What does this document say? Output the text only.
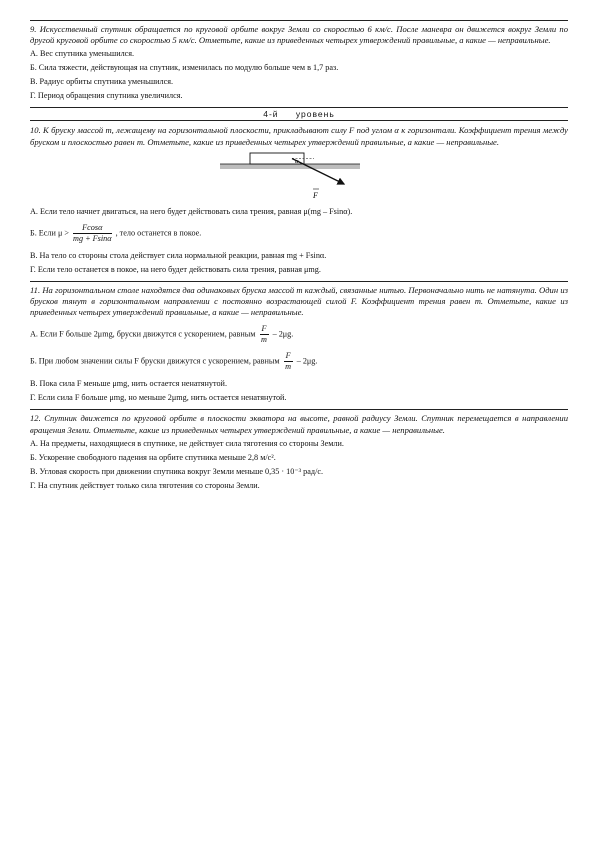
9. Искусственный спутник обращается по круговой орбите вокруг Земли со скоростью 6 км/с. После маневра он движется вокруг Земли по другой круговой орбите со скоростью 5 км/с. Отметьте, какие из приведенных четырех утверждений правильные, а какие — неправильные.
А. Вес спутника уменьшился.
Б. Сила тяжести, действующая на спутник, изменилась по модулю больше чем в 1,7 раз.
В. Радиус орбиты спутника уменьшился.
Г. Период обращения спутника увеличился.
4-й уровень
10. К бруску массой m, лежащему на горизонтальной плоскости, прикладывают силу F под углом α к горизонтали. Коэффициент трения между бруском и плоскостью равен m. Отметьте, какие из приведенных четырех утверждений правильные, а какие — неправильные.
α
F
А. Если тело начнет двигаться, на него будет действовать сила трения, равная μ(mg – Fsinα).
Б. Если $\mu > \frac{Fcos\alpha}{mg + Fsin\alpha}$ , тело останется в покое.
В. На тело со стороны стола действует сила нормальной реакции, равная mg + Fsinα.
Г. Если тело останется в покое, на него будет действовать сила трения, равная μmg.
11. На горизонтальном столе находятся два одинаковых бруска массой m каждый, связанные нитью. Первоначально нить не натянута. Один из брусков тянут в горизонтальном направлении с постоянно возрастающей силой F. Коэффициент трения равен m. Отметьте, какие из приведенных четырех утверждений правильные, а какие — неправильные.
А. Если F больше 2μmg, бруски движутся с ускорением, равным $\frac{F}{m} - 2\mu g$.
Б. При любом значении силы F бруски движутся с ускорением, равным $\frac{F}{m} - 2\mu g$.
В. Пока сила F меньше μmg, нить остается ненатянутой.
Г. Если сила F больше μmg, но меньше 2μmg, нить остается ненатянутой.
12. Спутник движется по круговой орбите в плоскости экватора на высоте, равной радиусу Земли. Спутник перемещается в направлении вращения Земли. Отметьте, какие из приведенных четырех утверждений правильные, а какие — неправильные.
А. На предметы, находящиеся в спутнике, не действует сила тяготения со стороны Земли.
Б. Ускорение свободного падения на орбите спутника меньше 2,8 м/с².
В. Угловая скорость при движении спутника вокруг Земли меньше 0,35 · 10⁻³ рад/с.
Г. На спутник действует только сила тяготения со стороны Земли.
